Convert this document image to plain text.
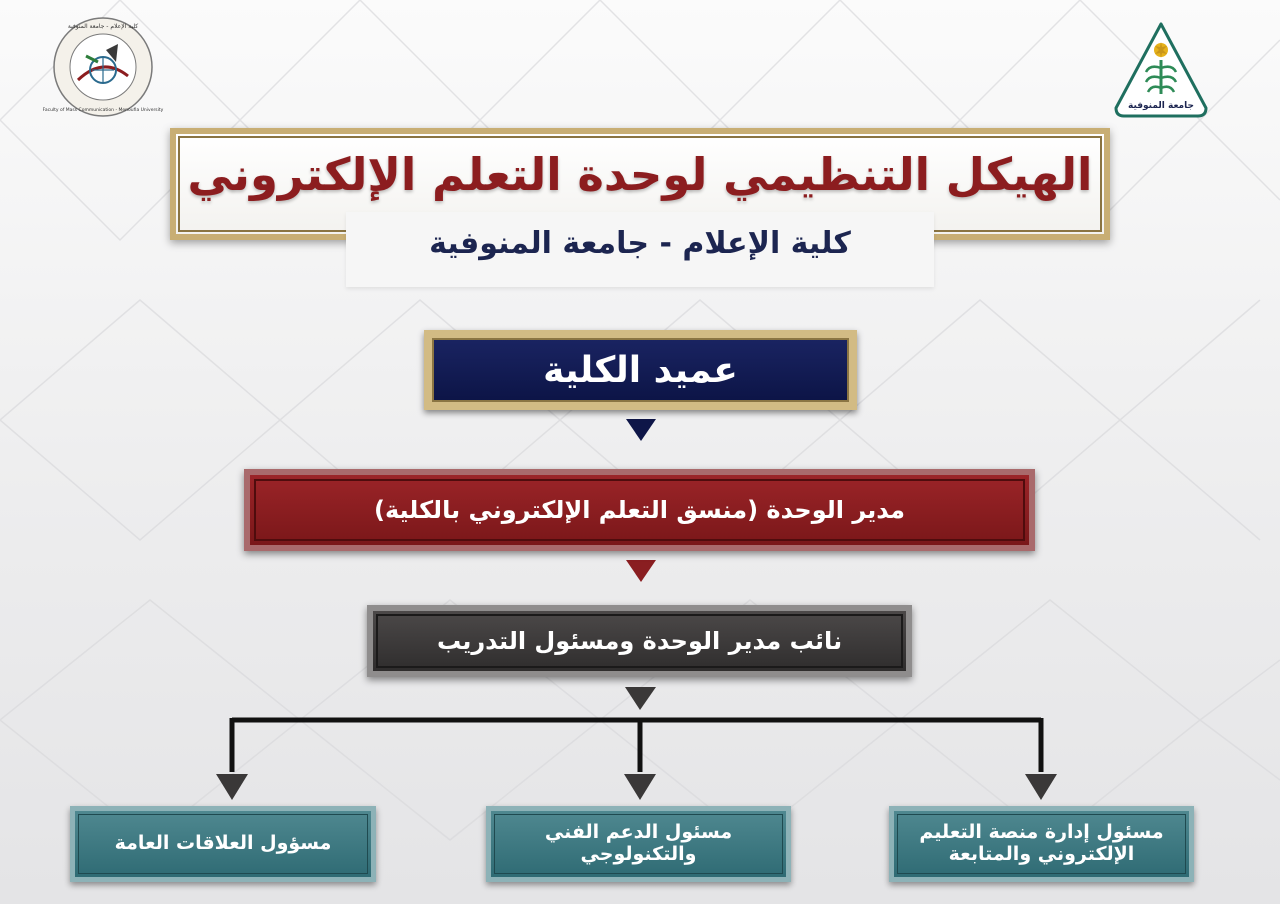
كلية الإعلام - جامعة المنوفية
Faculty of Mass Communication - Menoufia University	جامعة المنوفية
الهيكل التنظيمي لوحدة التعلم الإلكتروني
كلية الإعلام - جامعة المنوفية
عميد الكلية
مدير الوحدة (منسق التعلم الإلكتروني بالكلية)
نائب مدير الوحدة ومسئول التدريب
مسئول إدارة منصة التعليم الإلكتروني والمتابعة
مسئول الدعم الفني والتكنولوجي
مسؤول العلاقات العامة
